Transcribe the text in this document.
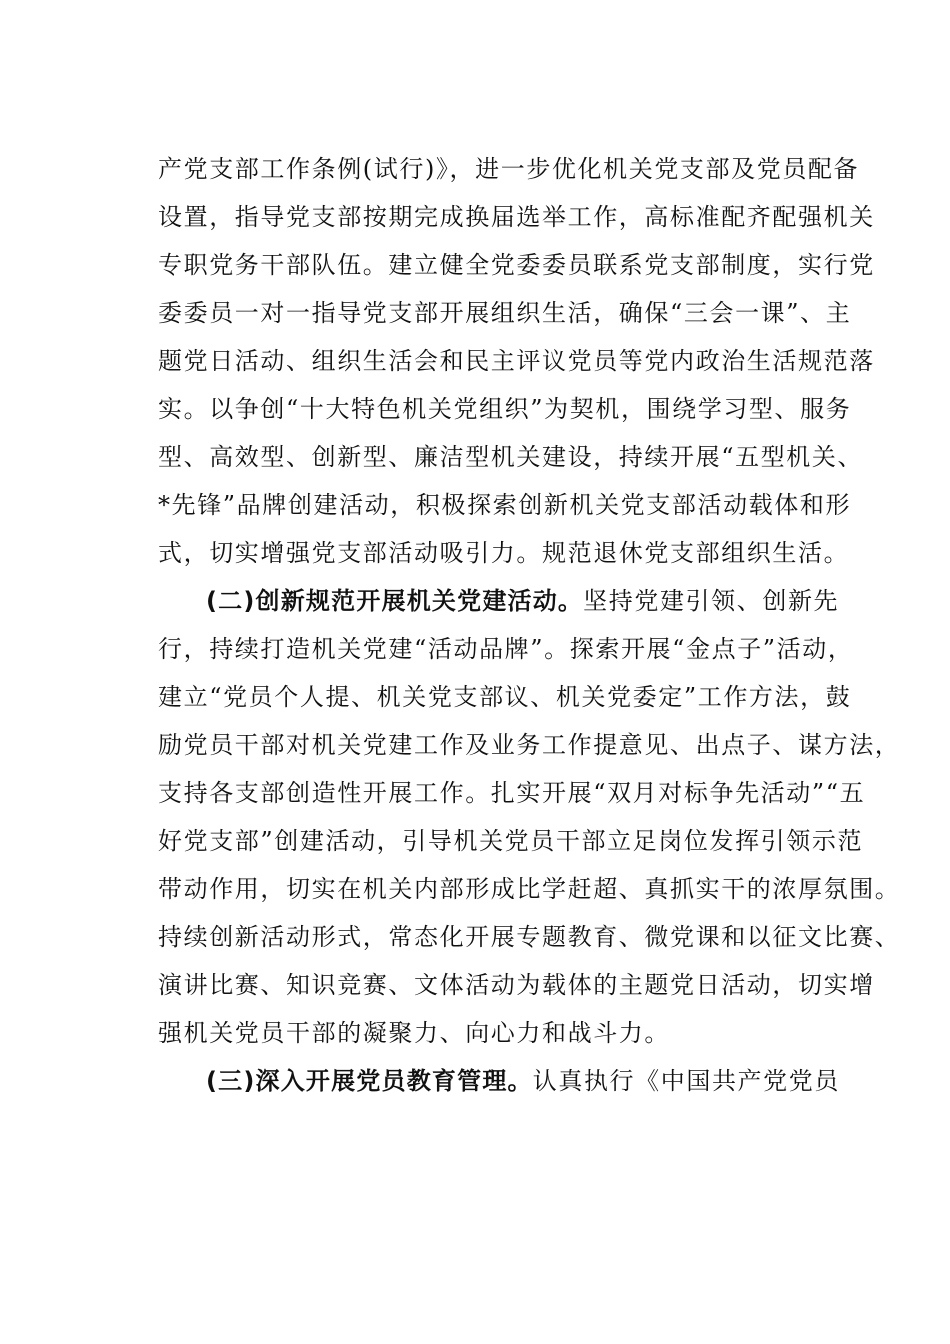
产党支部工作条例(试行)》，进一步优化机关党支部及党员配备
设置，指导党支部按期完成换届选举工作，高标准配齐配强机关
专职党务干部队伍。建立健全党委委员联系党支部制度，实行党
委委员一对一指导党支部开展组织生活，确保“三会一课”、主
题党日活动、组织生活会和民主评议党员等党内政治生活规范落
实。以争创“十大特色机关党组织”为契机，围绕学习型、服务
型、高效型、创新型、廉洁型机关建设，持续开展“五型机关、
*先锋”品牌创建活动，积极探索创新机关党支部活动载体和形
式，切实增强党支部活动吸引力。规范退休党支部组织生活。
(二)创新规范开展机关党建活动。坚持党建引领、创新先
行，持续打造机关党建“活动品牌”。探索开展“金点子”活动，
建立“党员个人提、机关党支部议、机关党委定”工作方法，鼓
励党员干部对机关党建工作及业务工作提意见、出点子、谋方法，
支持各支部创造性开展工作。扎实开展“双月对标争先活动”“五
好党支部”创建活动，引导机关党员干部立足岗位发挥引领示范
带动作用，切实在机关内部形成比学赶超、真抓实干的浓厚氛围。
持续创新活动形式，常态化开展专题教育、微党课和以征文比赛、
演讲比赛、知识竞赛、文体活动为载体的主题党日活动，切实增
强机关党员干部的凝聚力、向心力和战斗力。
(三)深入开展党员教育管理。认真执行《中国共产党党员
